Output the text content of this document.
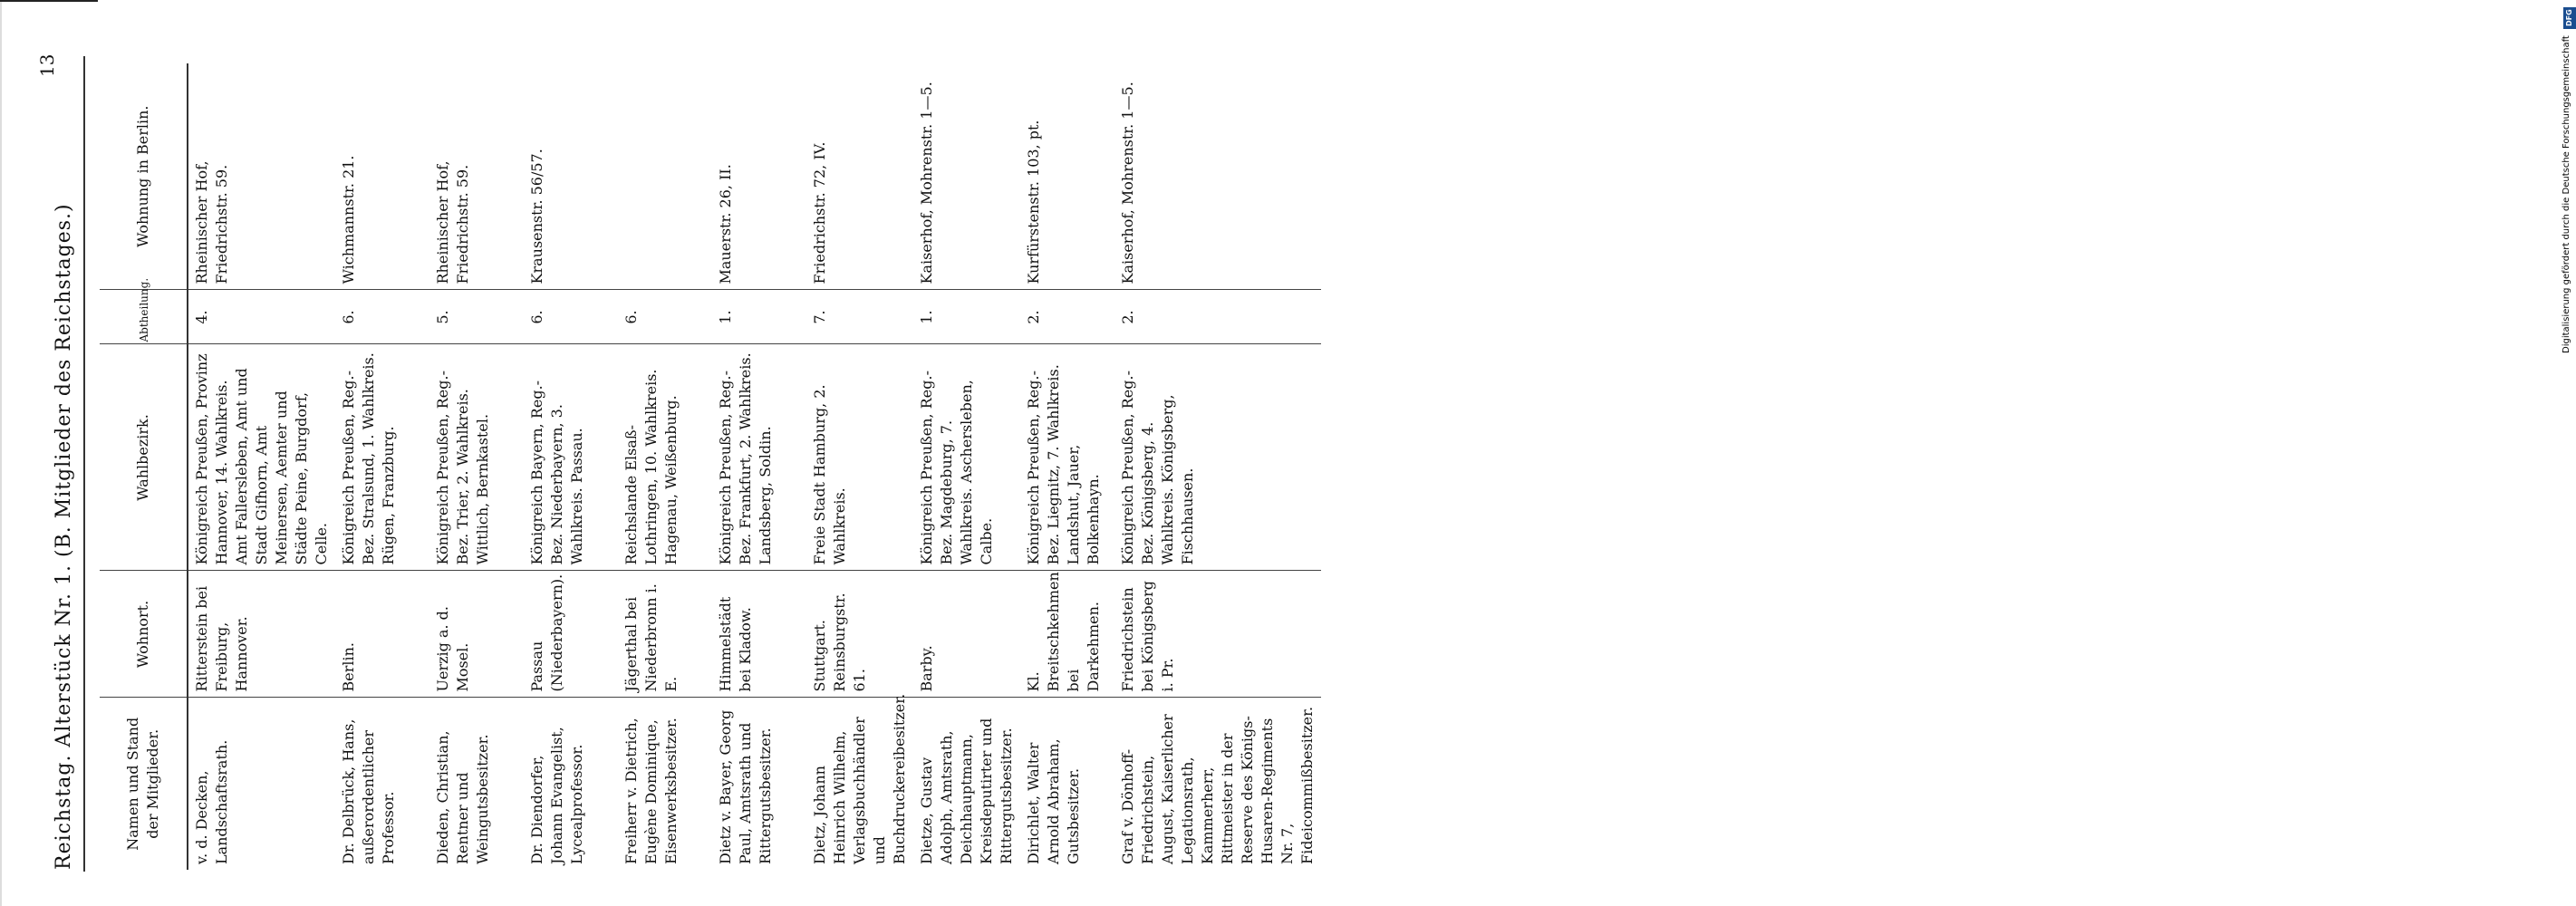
Reichstag. Alterstück Nr. 1. (B. Mitglieder des Reichstages.)
13
Namen und Stand der Mitglieder.	Wohnort.	Wahlbezirk.	Abtheilung.	Wohnung in Berlin.
v. d. Decken, Landschaftsrath.	Ritterstein bei Freiburg, Hannover.	Königreich Preußen, Provinz Hannover, 14. Wahlkreis. Amt Fallersleben, Amt und Stadt Gifhorn, Amt Meinersen, Aemter und Städte Peine, Burgdorf, Celle.	4.	Rheinischer Hof, Friedrichstr. 59.
Dr. Delbrück, Hans, außerordentlicher Professor.	Berlin.	Königreich Preußen, Reg.-Bez. Stralsund, 1. Wahlkreis. Rügen, Franzburg.	6.	Wichmannstr. 21.
Dieden, Christian, Rentner und Weingutsbesitzer.	Uerzig a. d. Mosel.	Königreich Preußen, Reg.-Bez. Trier, 2. Wahlkreis. Wittlich, Bernkastel.	5.	Rheinischer Hof, Friedrichstr. 59.
Dr. Diendorfer, Johann Evangelist, Lycealprofessor.	Passau (Niederbayern).	Königreich Bayern, Reg.-Bez. Niederbayern, 3. Wahlkreis. Passau.	6.	Krausenstr. 56/57.
Freiherr v. Dietrich, Eugène Dominique, Eisenwerksbesitzer.	Jägerthal bei Niederbronn i. E.	Reichslande Elsaß-Lothringen, 10. Wahlkreis. Hagenau, Weißenburg.	6.	
Dietz v. Bayer, Georg Paul, Amtsrath und Rittergutsbesitzer.	Himmelstädt bei Kladow.	Königreich Preußen, Reg.-Bez. Frankfurt, 2. Wahlkreis. Landsberg, Soldin.	1.	Mauerstr. 26, II.
Dietz, Johann Heinrich Wilhelm, Verlagsbuchhändler und Buchdruckereibesitzer.	Stuttgart. Reinsburgstr. 61.	Freie Stadt Hamburg, 2. Wahlkreis.	7.	Friedrichstr. 72, IV.
Dietze, Gustav Adolph, Amtsrath, Deichhauptmann, Kreisdeputirter und Rittergutsbesitzer.	Barby.	Königreich Preußen, Reg.-Bez. Magdeburg, 7. Wahlkreis. Aschersleben, Calbe.	1.	Kaiserhof, Mohrenstr. 1—5.
Dirichlet, Walter Arnold Abraham, Gutsbesitzer.	Kl. Breitschkehmen bei Darkehmen.	Königreich Preußen, Reg.-Bez. Liegnitz, 7. Wahlkreis. Landshut, Jauer, Bolkenhayn.	2.	Kurfürstenstr. 103, pt.
Graf v. Dönhoff-Friedrichstein, August, Kaiserlicher Legationsrath, Kammerherr, Rittmeister in der Reserve des Königs-Husaren-Regiments Nr. 7, Fideicommißbesitzer.	Friedrichstein bei Königsberg i. Pr.	Königreich Preußen, Reg.-Bez. Königsberg, 4. Wahlkreis. Königsberg, Fischhausen.	2.	Kaiserhof, Mohrenstr. 1—5.
DFG
Digitalisierung gefördert durch die Deutsche Forschungsgemeinschaft
